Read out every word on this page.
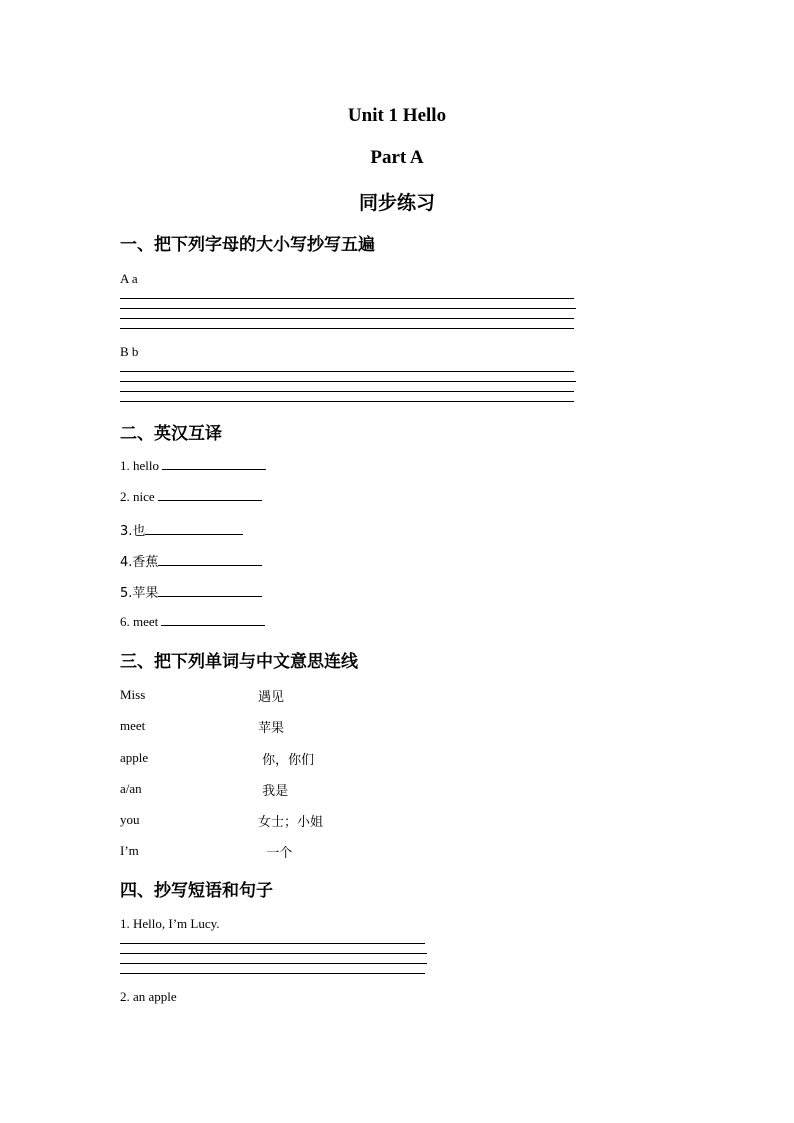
Unit 1 Hello
Part A
同步练习
一、把下列字母的大小写抄写五遍
A a
B b
二、英汉互译
1. hello
2. nice
3.也
4.香蕉
5.苹果
6. meet
三、把下列单词与中文意思连线
Miss	遇见
meet	苹果
apple	你，你们
a/an	我是
you	女士；小姐
I’m	一个
四、抄写短语和句子
1. Hello, I’m Lucy.
2. an apple
